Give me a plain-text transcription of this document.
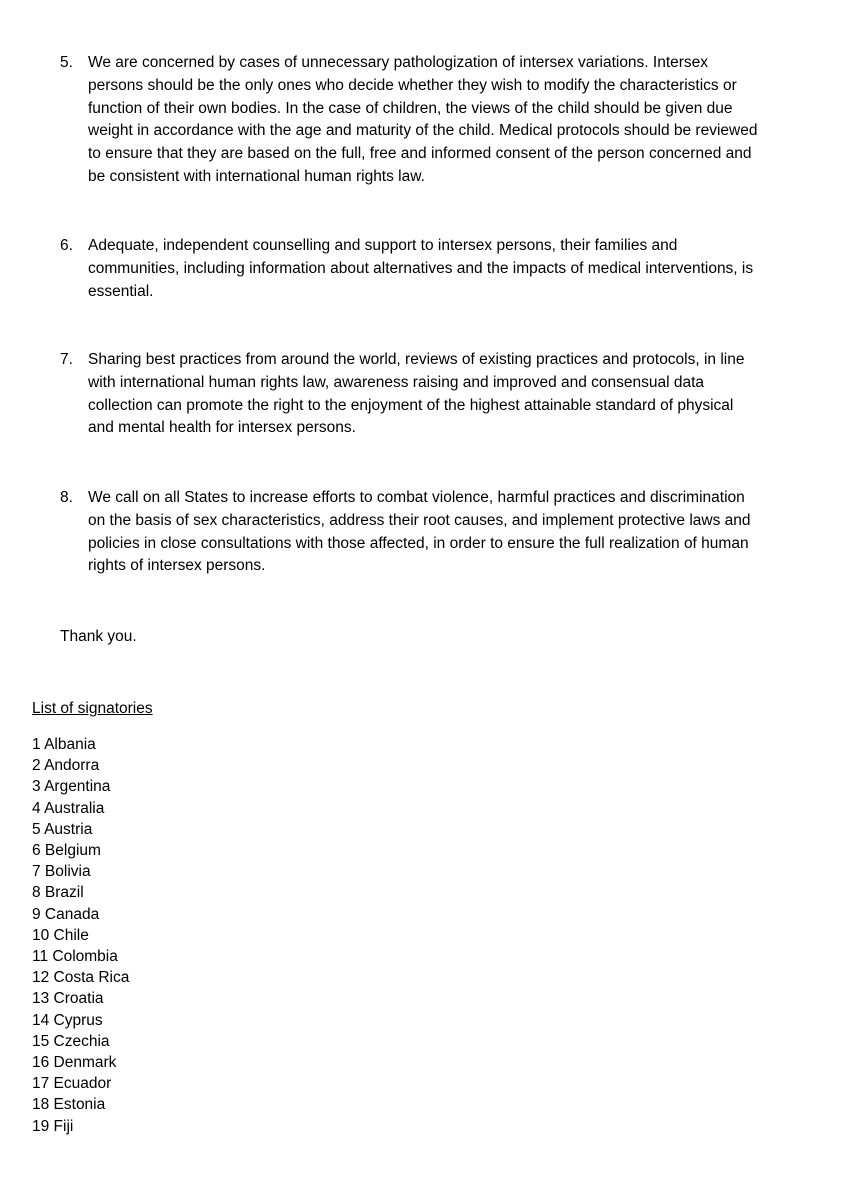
5. We are concerned by cases of unnecessary pathologization of intersex variations. Intersex persons should be the only ones who decide whether they wish to modify the characteristics or function of their own bodies. In the case of children, the views of the child should be given due weight in accordance with the age and maturity of the child. Medical protocols should be reviewed to ensure that they are based on the full, free and informed consent of the person concerned and be consistent with international human rights law.
6. Adequate, independent counselling and support to intersex persons, their families and communities, including information about alternatives and the impacts of medical interventions, is essential.
7. Sharing best practices from around the world, reviews of existing practices and protocols, in line with international human rights law, awareness raising and improved and consensual data collection can promote the right to the enjoyment of the highest attainable standard of physical and mental health for intersex persons.
8. We call on all States to increase efforts to combat violence, harmful practices and discrimination on the basis of sex characteristics, address their root causes, and implement protective laws and policies in close consultations with those affected, in order to ensure the full realization of human rights of intersex persons.
Thank you.
List of signatories
1 Albania
2 Andorra
3 Argentina
4 Australia
5 Austria
6 Belgium
7 Bolivia
8 Brazil
9 Canada
10 Chile
11 Colombia
12 Costa Rica
13 Croatia
14 Cyprus
15 Czechia
16 Denmark
17 Ecuador
18 Estonia
19 Fiji
